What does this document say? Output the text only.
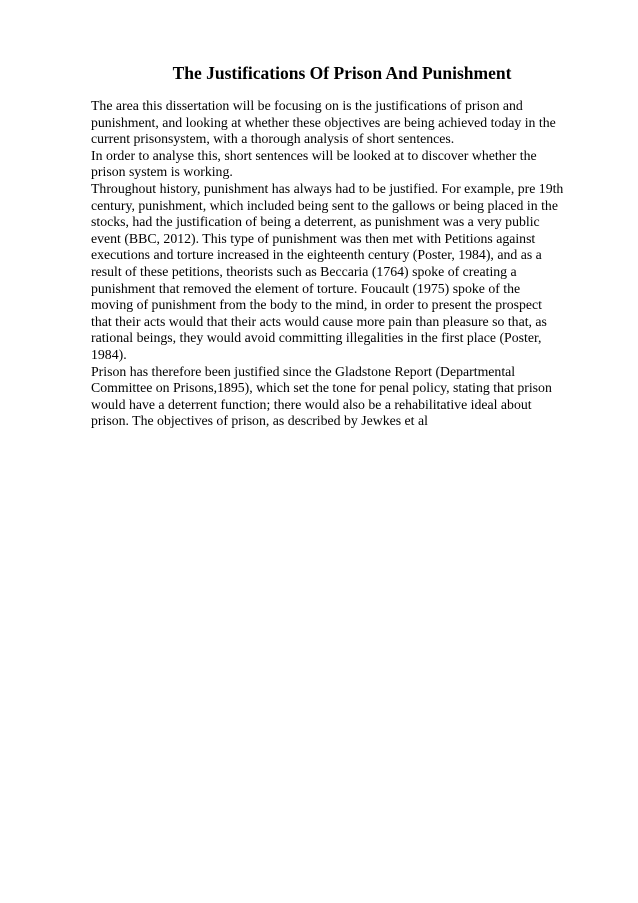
The Justifications Of Prison And Punishment
The area this dissertation will be focusing on is the justifications of prison and
punishment, and looking at whether these objectives are being achieved today in the
current prisonsystem, with a thorough analysis of short sentences.
In order to analyse this, short sentences will be looked at to discover whether the
prison system is working.
Throughout history, punishment has always had to be justified. For example, pre 19th
century, punishment, which included being sent to the gallows or being placed in the
stocks, had the justification of being a deterrent, as punishment was a very public
event (BBC, 2012). This type of punishment was then met with Petitions against
executions and torture increased in the eighteenth century (Poster, 1984), and as a
result of these petitions, theorists such as Beccaria (1764) spoke of creating a
punishment that removed the element of torture. Foucault (1975) spoke of the
moving of punishment from the body to the mind, in order to present the prospect
that their acts would that their acts would cause more pain than pleasure so that, as
rational beings, they would avoid committing illegalities in the first place (Poster,
1984).
Prison has therefore been justified since the Gladstone Report (Departmental
Committee on Prisons,1895), which set the tone for penal policy, stating that prison
would have a deterrent function; there would also be a rehabilitative ideal about
prison. The objectives of prison, as described by Jewkes et al
